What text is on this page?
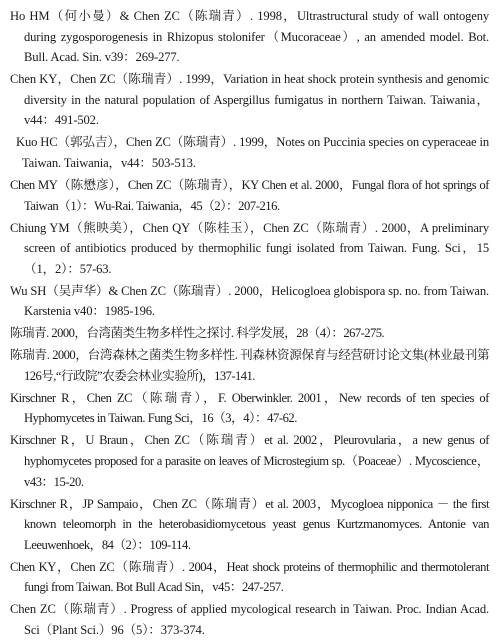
Ho HM（何小曼）& Chen ZC（陈瑞青）. 1998，Ultrastructural study of wall ontogeny during zygosporogenesis in Rhizopus stolonifer（Mucoraceae）, an amended model. Bot. Bull. Acad. Sin. v39：269-277.

Chen KY，Chen ZC（陈瑞青）. 1999，Variation in heat shock protein synthesis and genomic diversity in the natural population of Aspergillus fumigatus in northern Taiwan. Taiwania，v44：491-502.

Kuo HC（郭弘吉），Chen ZC（陈瑞青）. 1999，Notes on Puccinia species on cyperaceae in Taiwan. Taiwania，v44：503-513.

Chen MY（陈懋彦），Chen ZC（陈瑞青），KY Chen et al. 2000，Fungal flora of hot springs of Taiwan（1）：Wu-Rai. Taiwania，45（2）：207-216.

Chiung YM（熊映美），Chen QY（陈桂玉），Chen ZC（陈瑞青）. 2000，A preliminary screen of antibiotics produced by thermophilic fungi isolated from Taiwan. Fung. Sci，15（1，2）：57-63.

Wu SH（吴声华）& Chen ZC（陈瑞青）. 2000，Helicogloea globispora sp. no. from Taiwan. Karstenia v40：1985-196.

陈瑞青. 2000，台湾菌类生物多样性之探讨. 科学发展，28（4）：267-275.

陈瑞青. 2000，台湾森林之菌类生物多样性. 刊森林资源保育与经营研讨论文集(林业最刊第126号,“行政院”农委会林业实验所)，137-141.

Kirschner R，Chen ZC（陈瑞青），F. Oberwinkler. 2001，New records of ten species of Hyphomycetes in Taiwan. Fung Sci，16（3，4）：47-62.

Kirschner R，U Braun，Chen ZC（陈瑞青）et al. 2002，Pleurovularia，a new genus of hyphomycetes proposed for a parasite on leaves of Microstegium sp.（Poaceae）. Mycoscience，v43：15-20.

Kirschner R，JP Sampaio，Chen ZC（陈瑞青）et al. 2003，Mycogloea nipponica － the first known teleomorph in the heterobasidiomycetous yeast genus Kurtzmanomyces. Antonie van Leeuwenhoek，84（2）：109-114.

Chen KY，Chen ZC（陈瑞青）. 2004，Heat shock proteins of thermophilic and thermotolerant fungi from Taiwan. Bot Bull Acad Sin，v45：247-257.

Chen ZC（陈瑞青）. Progress of applied mycological research in Taiwan. Proc. Indian Acad. Sci（Plant Sci.）96（5）：373-374.
